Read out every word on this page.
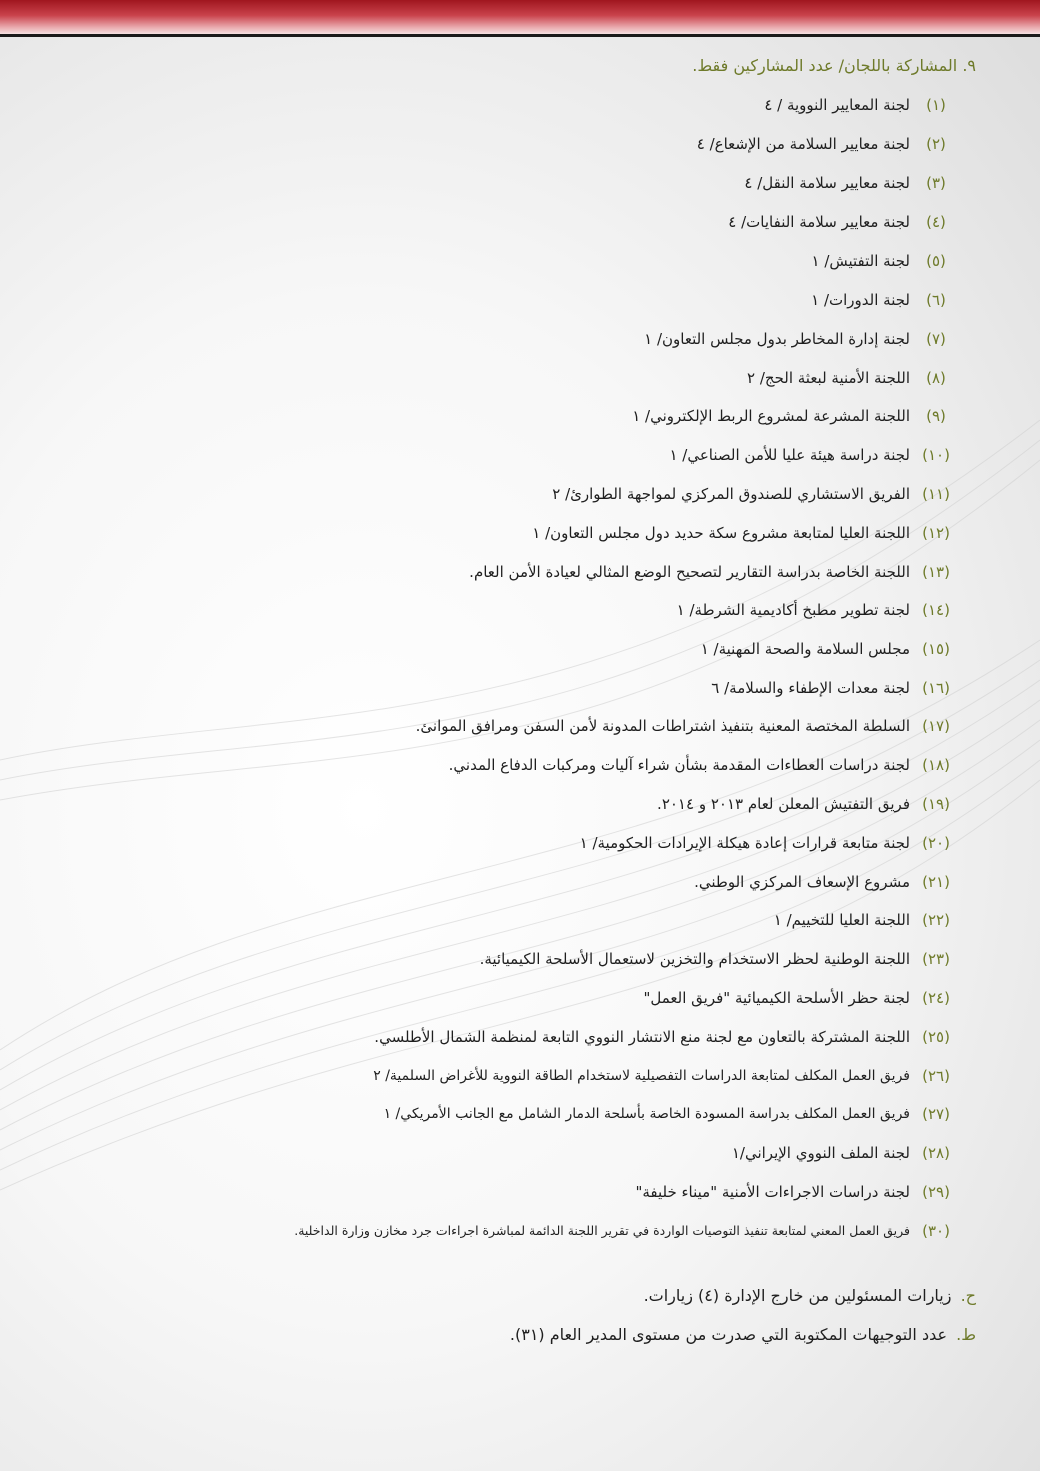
٩. المشاركة باللجان/ عدد المشاركين فقط.
(١)
لجنة المعايير النووية / ٤
(٢)
لجنة معايير السلامة من الإشعاع/ ٤
(٣)
لجنة معايير سلامة النقل/ ٤
(٤)
لجنة معايير سلامة النفايات/ ٤
(٥)
لجنة التفتيش/ ١
(٦)
لجنة الدورات/ ١
(٧)
لجنة إدارة المخاطر بدول مجلس التعاون/ ١
(٨)
اللجنة الأمنية لبعثة الحج/ ٢
(٩)
اللجنة المشرعة لمشروع الربط الإلكتروني/ ١
(١٠)
لجنة دراسة هيئة عليا للأمن الصناعي/ ١
(١١)
الفريق الاستشاري للصندوق المركزي لمواجهة الطوارئ/ ٢
(١٢)
اللجنة العليا لمتابعة مشروع سكة حديد دول مجلس التعاون/ ١
(١٣)
اللجنة الخاصة بدراسة التقارير لتصحيح الوضع المثالي لعيادة الأمن العام.
(١٤)
لجنة تطوير مطبخ أكاديمية الشرطة/ ١
(١٥)
مجلس السلامة والصحة المهنية/ ١
(١٦)
لجنة معدات الإطفاء والسلامة/ ٦
(١٧)
السلطة المختصة المعنية بتنفيذ اشتراطات المدونة لأمن السفن ومرافق الموانئ.
(١٨)
لجنة دراسات العطاءات المقدمة بشأن شراء آليات ومركبات الدفاع المدني.
(١٩)
فريق التفتيش المعلن لعام ٢٠١٣ و ٢٠١٤.
(٢٠)
لجنة متابعة قرارات إعادة هيكلة الإيرادات الحكومية/ ١
(٢١)
مشروع الإسعاف المركزي الوطني.
(٢٢)
اللجنة العليا للتخييم/ ١
(٢٣)
اللجنة الوطنية لحظر الاستخدام والتخزين لاستعمال الأسلحة الكيميائية.
(٢٤)
لجنة حظر الأسلحة الكيميائية "فريق العمل"
(٢٥)
اللجنة المشتركة بالتعاون مع لجنة منع الانتشار النووي التابعة لمنظمة الشمال الأطلسي.
(٢٦)
فريق العمل المكلف لمتابعة الدراسات التفصيلية لاستخدام الطاقة النووية للأغراض السلمية/ ٢
(٢٧)
فريق العمل المكلف بدراسة المسودة الخاصة بأسلحة الدمار الشامل مع الجانب الأمريكي/ ١
(٢٨)
لجنة الملف النووي الإيراني/١
(٢٩)
لجنة دراسات الاجراءات الأمنية "ميناء خليفة"
(٣٠)
فريق العمل المعني لمتابعة تنفيذ التوصيات الواردة في تقرير اللجنة الدائمة لمباشرة اجراءات جرد مخازن وزارة الداخلية.
ح. زيارات المسئولين من خارج الإدارة (٤) زيارات.
ط. عدد التوجيهات المكتوبة التي صدرت من مستوى المدير العام (٣١).
